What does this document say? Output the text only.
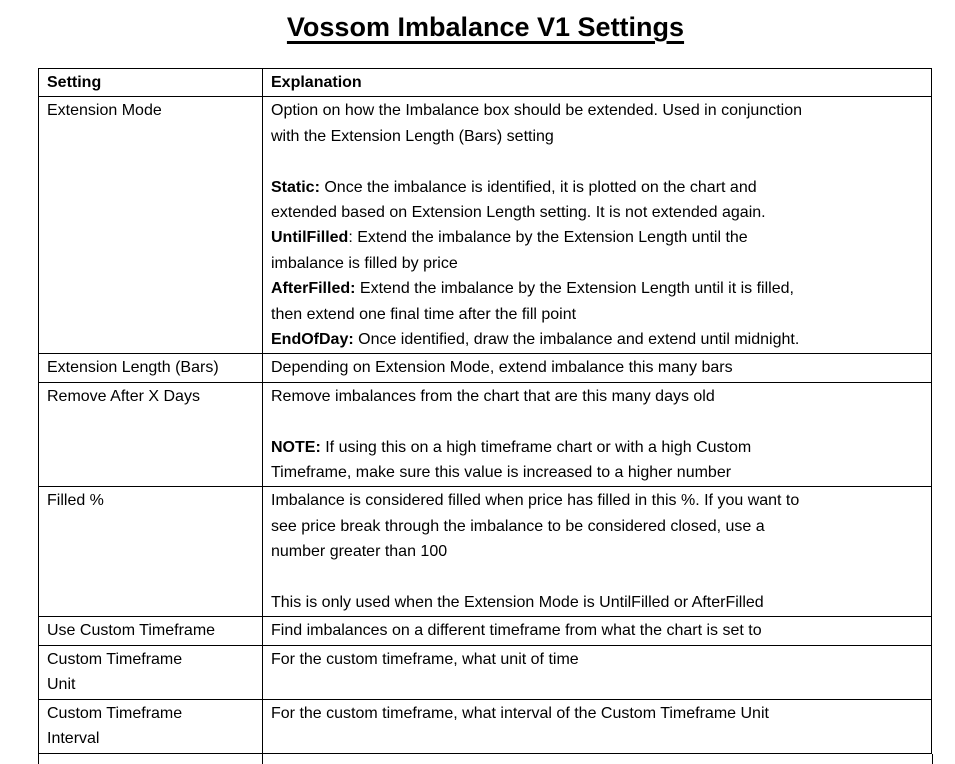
Vossom Imbalance V1 Settings
Setting	Explanation

Extension Mode	Option on how the Imbalance box should be extended. Used in conjunction
with the Extension Length (Bars) setting
Static: Once the imbalance is identified, it is plotted on the chart and
extended based on Extension Length setting. It is not extended again.
UntilFilled: Extend the imbalance by the Extension Length until the
imbalance is filled by price
AfterFilled: Extend the imbalance by the Extension Length until it is filled,
then extend one final time after the fill point
EndOfDay: Once identified, draw the imbalance and extend until midnight.

Extension Length (Bars)	Depending on Extension Mode, extend imbalance this many bars

Remove After X Days	Remove imbalances from the chart that are this many days old
NOTE: If using this on a high timeframe chart or with a high Custom
Timeframe, make sure this value is increased to a higher number

Filled %	Imbalance is considered filled when price has filled in this %. If you want to
see price break through the imbalance to be considered closed, use a
number greater than 100
This is only used when the Extension Mode is UntilFilled or AfterFilled

Use Custom Timeframe	Find imbalances on a different timeframe from what the chart is set to

Custom Timeframe
Unit	For the custom timeframe, what unit of time

Custom Timeframe
Interval	For the custom timeframe, what interval of the Custom Timeframe Unit
